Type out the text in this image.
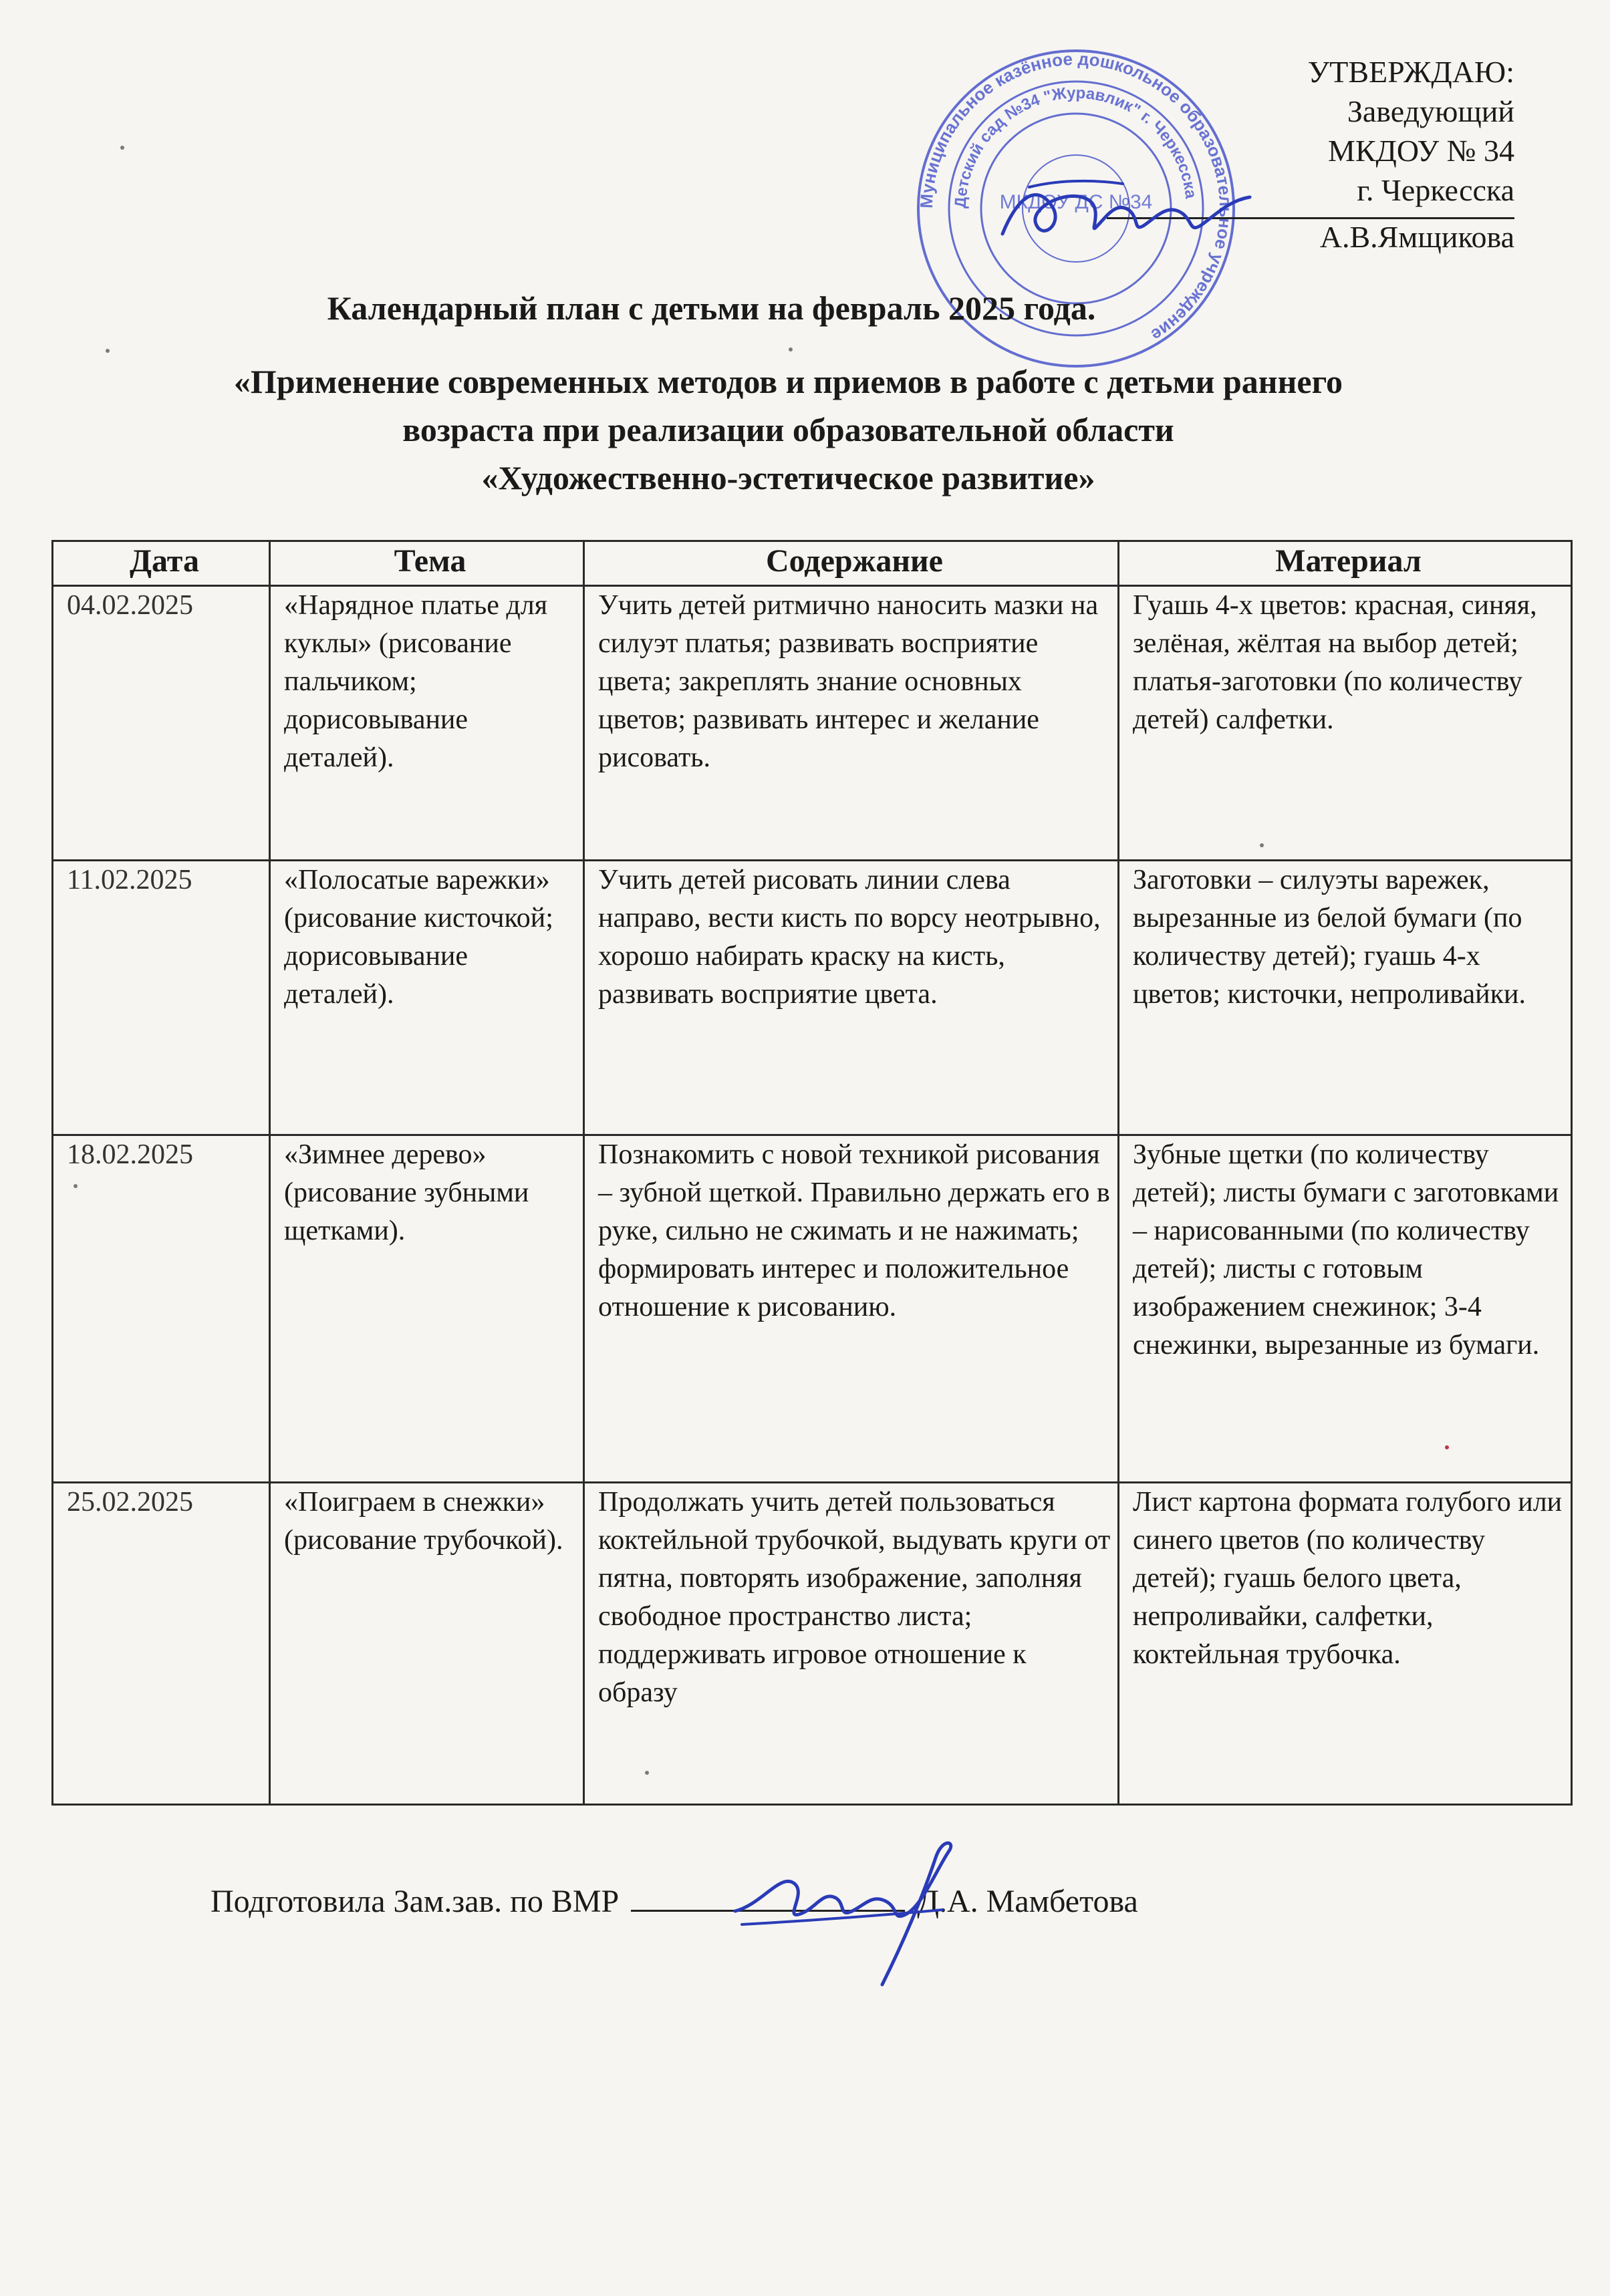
Муниципальное казённое дошкольное образовательное учреждение
Детский сад №34 "Журавлик" г. Черкесска
МКДОУ ДС №34
УТВЕРЖДАЮ:
Заведующий
МКДОУ № 34
г. Черкесска
А.В.Ямщикова
Календарный план с детьми на февраль 2025 года.
«Применение современных методов и приемов в работе с детьми раннего
возраста при реализации образовательной области
«Художественно-эстетическое развитие»
Дата	Тема	Содержание	Материал
04.02.2025	«Нарядное платье для куклы» (рисование пальчиком; дорисовывание деталей).	Учить детей ритмично наносить мазки на силуэт платья; развивать восприятие цвета; закреплять знание основных цветов; развивать интерес и желание рисовать.	Гуашь 4-х цветов: красная, синяя, зелёная, жёлтая на выбор детей; платья-заготовки (по количеству детей) салфетки.
11.02.2025	«Полосатые варежки» (рисование кисточкой; дорисовывание деталей).	Учить детей рисовать линии слева направо, вести кисть по ворсу неотрывно, хорошо набирать краску на кисть, развивать восприятие цвета.	Заготовки – силуэты варежек, вырезанные из белой бумаги (по количеству детей); гуашь 4-х цветов; кисточки, непроливайки.
18.02.2025	«Зимнее дерево» (рисование зубными щетками).	Познакомить с новой техникой рисования – зубной щеткой. Правильно держать его в руке, сильно не сжимать и не нажимать; формировать интерес и положительное отношение к рисованию.	Зубные щетки (по количеству детей); листы бумаги с заготовками – нарисованными (по количеству детей); листы с готовым изображением снежинок; 3-4 снежинки, вырезанные из бумаги.
25.02.2025	«Поиграем в снежки» (рисование трубочкой).	Продолжать учить детей пользоваться коктейльной трубочкой, выдувать круги от пятна, повторять изображение, заполняя свободное пространство листа; поддерживать игровое отношение к образу	Лист картона формата голубого или синего цветов (по количеству детей); гуашь белого цвета, непроливайки, салфетки, коктейльная трубочка.
Подготовила Зам.зав. по ВМР	Д.А. Мамбетова
